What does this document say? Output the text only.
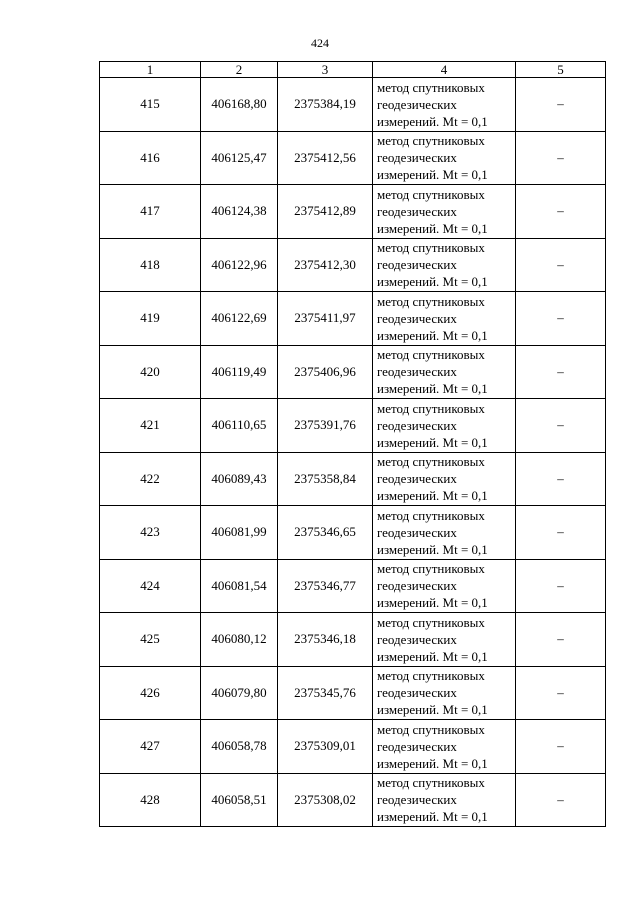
424
1	2	3	4	5
415	406168,80	2375384,19	метод спутниковых
геодезических
измерений. Mt = 0,1	–
416	406125,47	2375412,56	метод спутниковых
геодезических
измерений. Mt = 0,1	–
417	406124,38	2375412,89	метод спутниковых
геодезических
измерений. Mt = 0,1	–
418	406122,96	2375412,30	метод спутниковых
геодезических
измерений. Mt = 0,1	–
419	406122,69	2375411,97	метод спутниковых
геодезических
измерений. Mt = 0,1	–
420	406119,49	2375406,96	метод спутниковых
геодезических
измерений. Mt = 0,1	–
421	406110,65	2375391,76	метод спутниковых
геодезических
измерений. Mt = 0,1	–
422	406089,43	2375358,84	метод спутниковых
геодезических
измерений. Mt = 0,1	–
423	406081,99	2375346,65	метод спутниковых
геодезических
измерений. Mt = 0,1	–
424	406081,54	2375346,77	метод спутниковых
геодезических
измерений. Mt = 0,1	–
425	406080,12	2375346,18	метод спутниковых
геодезических
измерений. Mt = 0,1	–
426	406079,80	2375345,76	метод спутниковых
геодезических
измерений. Mt = 0,1	–
427	406058,78	2375309,01	метод спутниковых
геодезических
измерений. Mt = 0,1	–
428	406058,51	2375308,02	метод спутниковых
геодезических
измерений. Mt = 0,1	–
